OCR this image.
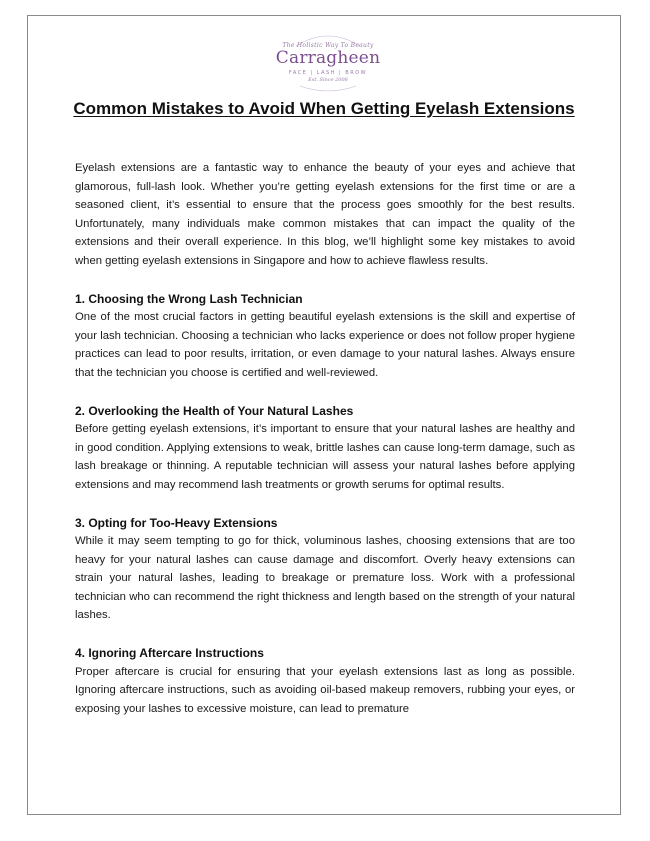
The Holistic Way To Beauty
Carragheen
FACE | LASH | BROW
Est. Since 2008
Common Mistakes to Avoid When Getting Eyelash Extensions

Eyelash extensions are a fantastic way to enhance the beauty of your eyes and achieve that glamorous, full-lash look. Whether you’re getting eyelash extensions for the first time or are a seasoned client, it’s essential to ensure that the process goes smoothly for the best results. Unfortunately, many individuals make common mistakes that can impact the quality of the extensions and their overall experience. In this blog, we’ll highlight some key mistakes to avoid when getting eyelash extensions in Singapore and how to achieve flawless results.

1. Choosing the Wrong Lash Technician

One of the most crucial factors in getting beautiful eyelash extensions is the skill and expertise of your lash technician. Choosing a technician who lacks experience or does not follow proper hygiene practices can lead to poor results, irritation, or even damage to your natural lashes. Always ensure that the technician you choose is certified and well-reviewed.

2. Overlooking the Health of Your Natural Lashes

Before getting eyelash extensions, it’s important to ensure that your natural lashes are healthy and in good condition. Applying extensions to weak, brittle lashes can cause long-term damage, such as lash breakage or thinning. A reputable technician will assess your natural lashes before applying extensions and may recommend lash treatments or growth serums for optimal results.

3. Opting for Too-Heavy Extensions

While it may seem tempting to go for thick, voluminous lashes, choosing extensions that are too heavy for your natural lashes can cause damage and discomfort. Overly heavy extensions can strain your natural lashes, leading to breakage or premature loss. Work with a professional technician who can recommend the right thickness and length based on the strength of your natural lashes.

4. Ignoring Aftercare Instructions

Proper aftercare is crucial for ensuring that your eyelash extensions last as long as possible. Ignoring aftercare instructions, such as avoiding oil-based makeup removers, rubbing your eyes, or exposing your lashes to excessive moisture, can lead to premature
